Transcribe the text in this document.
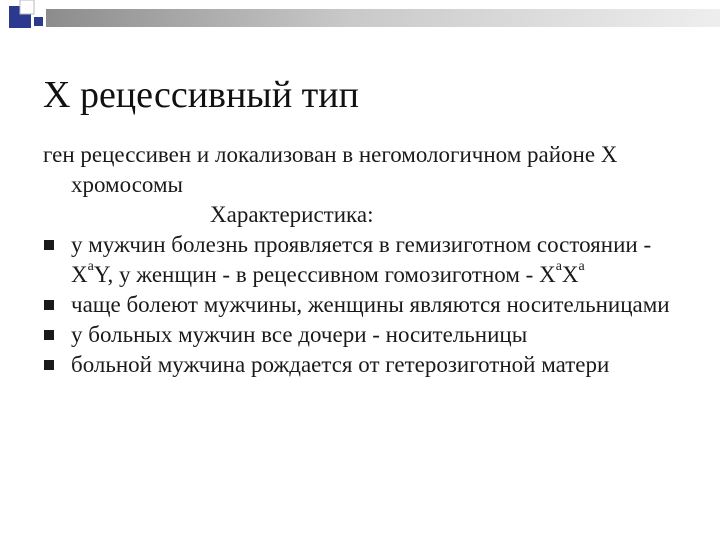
X рецессивный тип

ген рецессивен и локализован в негомологичном районе Х хромосомы

Характеристика:

у мужчин болезнь проявляется в гемизиготном состоянии - $Х^аY$, у женщин - в рецессивном гомозиготном - $Х^аХ^а$
чаще болеют мужчины, женщины являются носительницами
у больных мужчин все дочери - носительницы
больной мужчина рождается от гетерозиготной матери
